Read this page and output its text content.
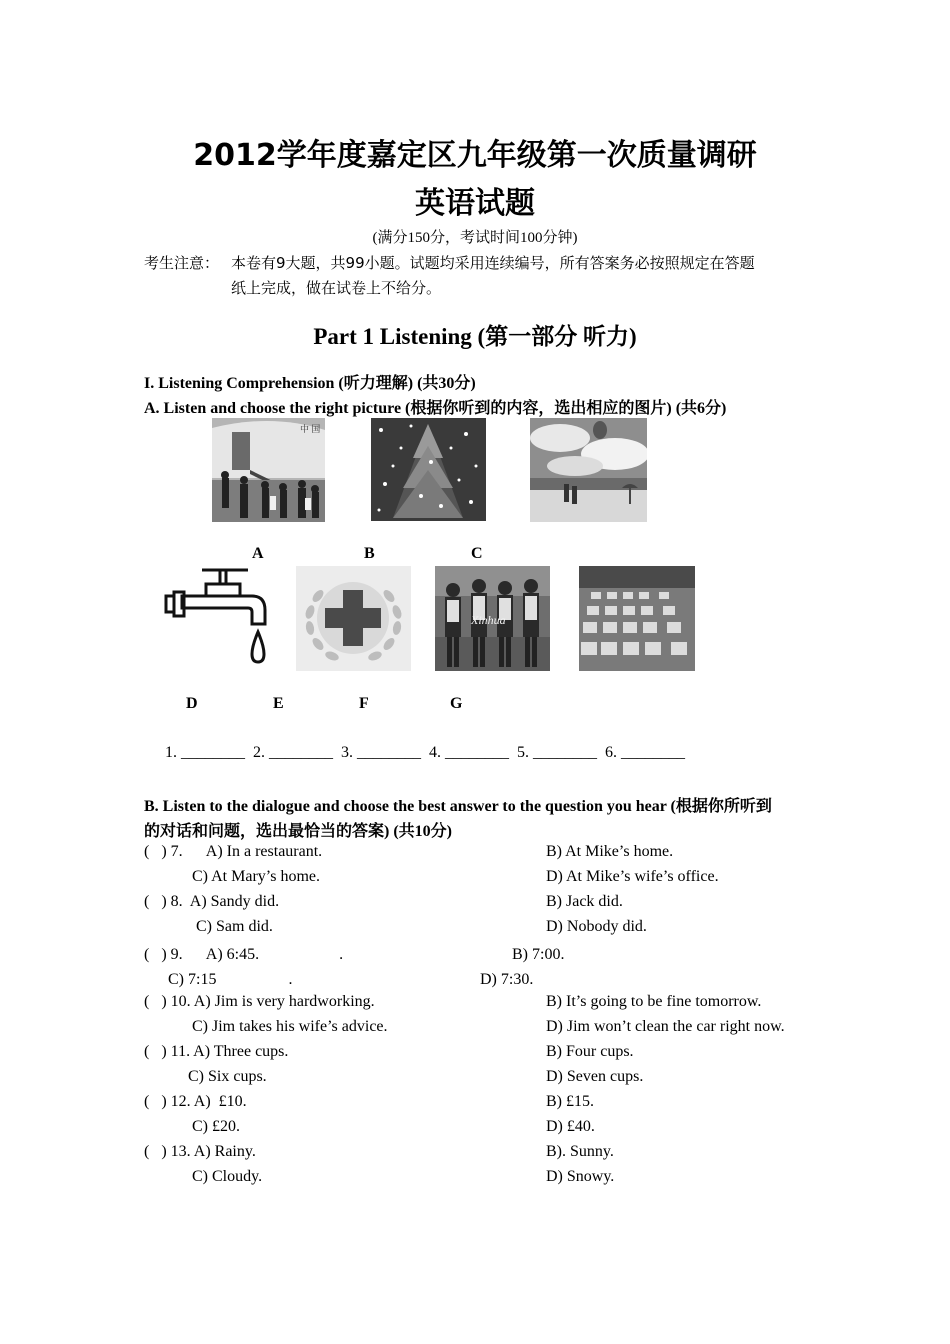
2012学年度嘉定区九年级第一次质量调研
英语试题
(满分150分，考试时间100分钟)
考生注意： 本卷有9大题，共99小题。试题均采用连续编号，所有答案务必按照规定在答题
纸上完成，做在试卷上不给分。
Part 1 Listening (第一部分 听力)
I. Listening Comprehension (听力理解) (共30分)
A. Listen and choose the right picture (根据你听到的内容，选出相应的图片) (共6分)
中 国
A	B	C
Xinhua
D	E	F	G
1. ________  2. ________  3. ________  4. ________  5. ________  6. ________
B. Listen to the dialogue and choose the best answer to the question you hear (根据你所听到
的对话和问题，选出最恰当的答案) (共10分)
(   ) 7.      A) In a restaurant.	B) At Mike’s home.
C) At Mary’s home.	D) At Mike’s wife’s office.
(   ) 8.  A) Sandy did.	B) Jack did.
C) Sam did.	D) Nobody did.
(   ) 9.      A) 6:45.                    .	B) 7:00.
C) 7:15                  .	D) 7:30.
(   ) 10. A) Jim is very hardworking.	B) It’s going to be fine tomorrow.
C) Jim takes his wife’s advice.	D) Jim won’t clean the car right now.
(   ) 11. A) Three cups.	B) Four cups.
C) Six cups.	D) Seven cups.
(   ) 12. A)  £10.	B) £15.
C) £20.	D) £40.
(   ) 13. A) Rainy.	B). Sunny.
C) Cloudy.	D) Snowy.
